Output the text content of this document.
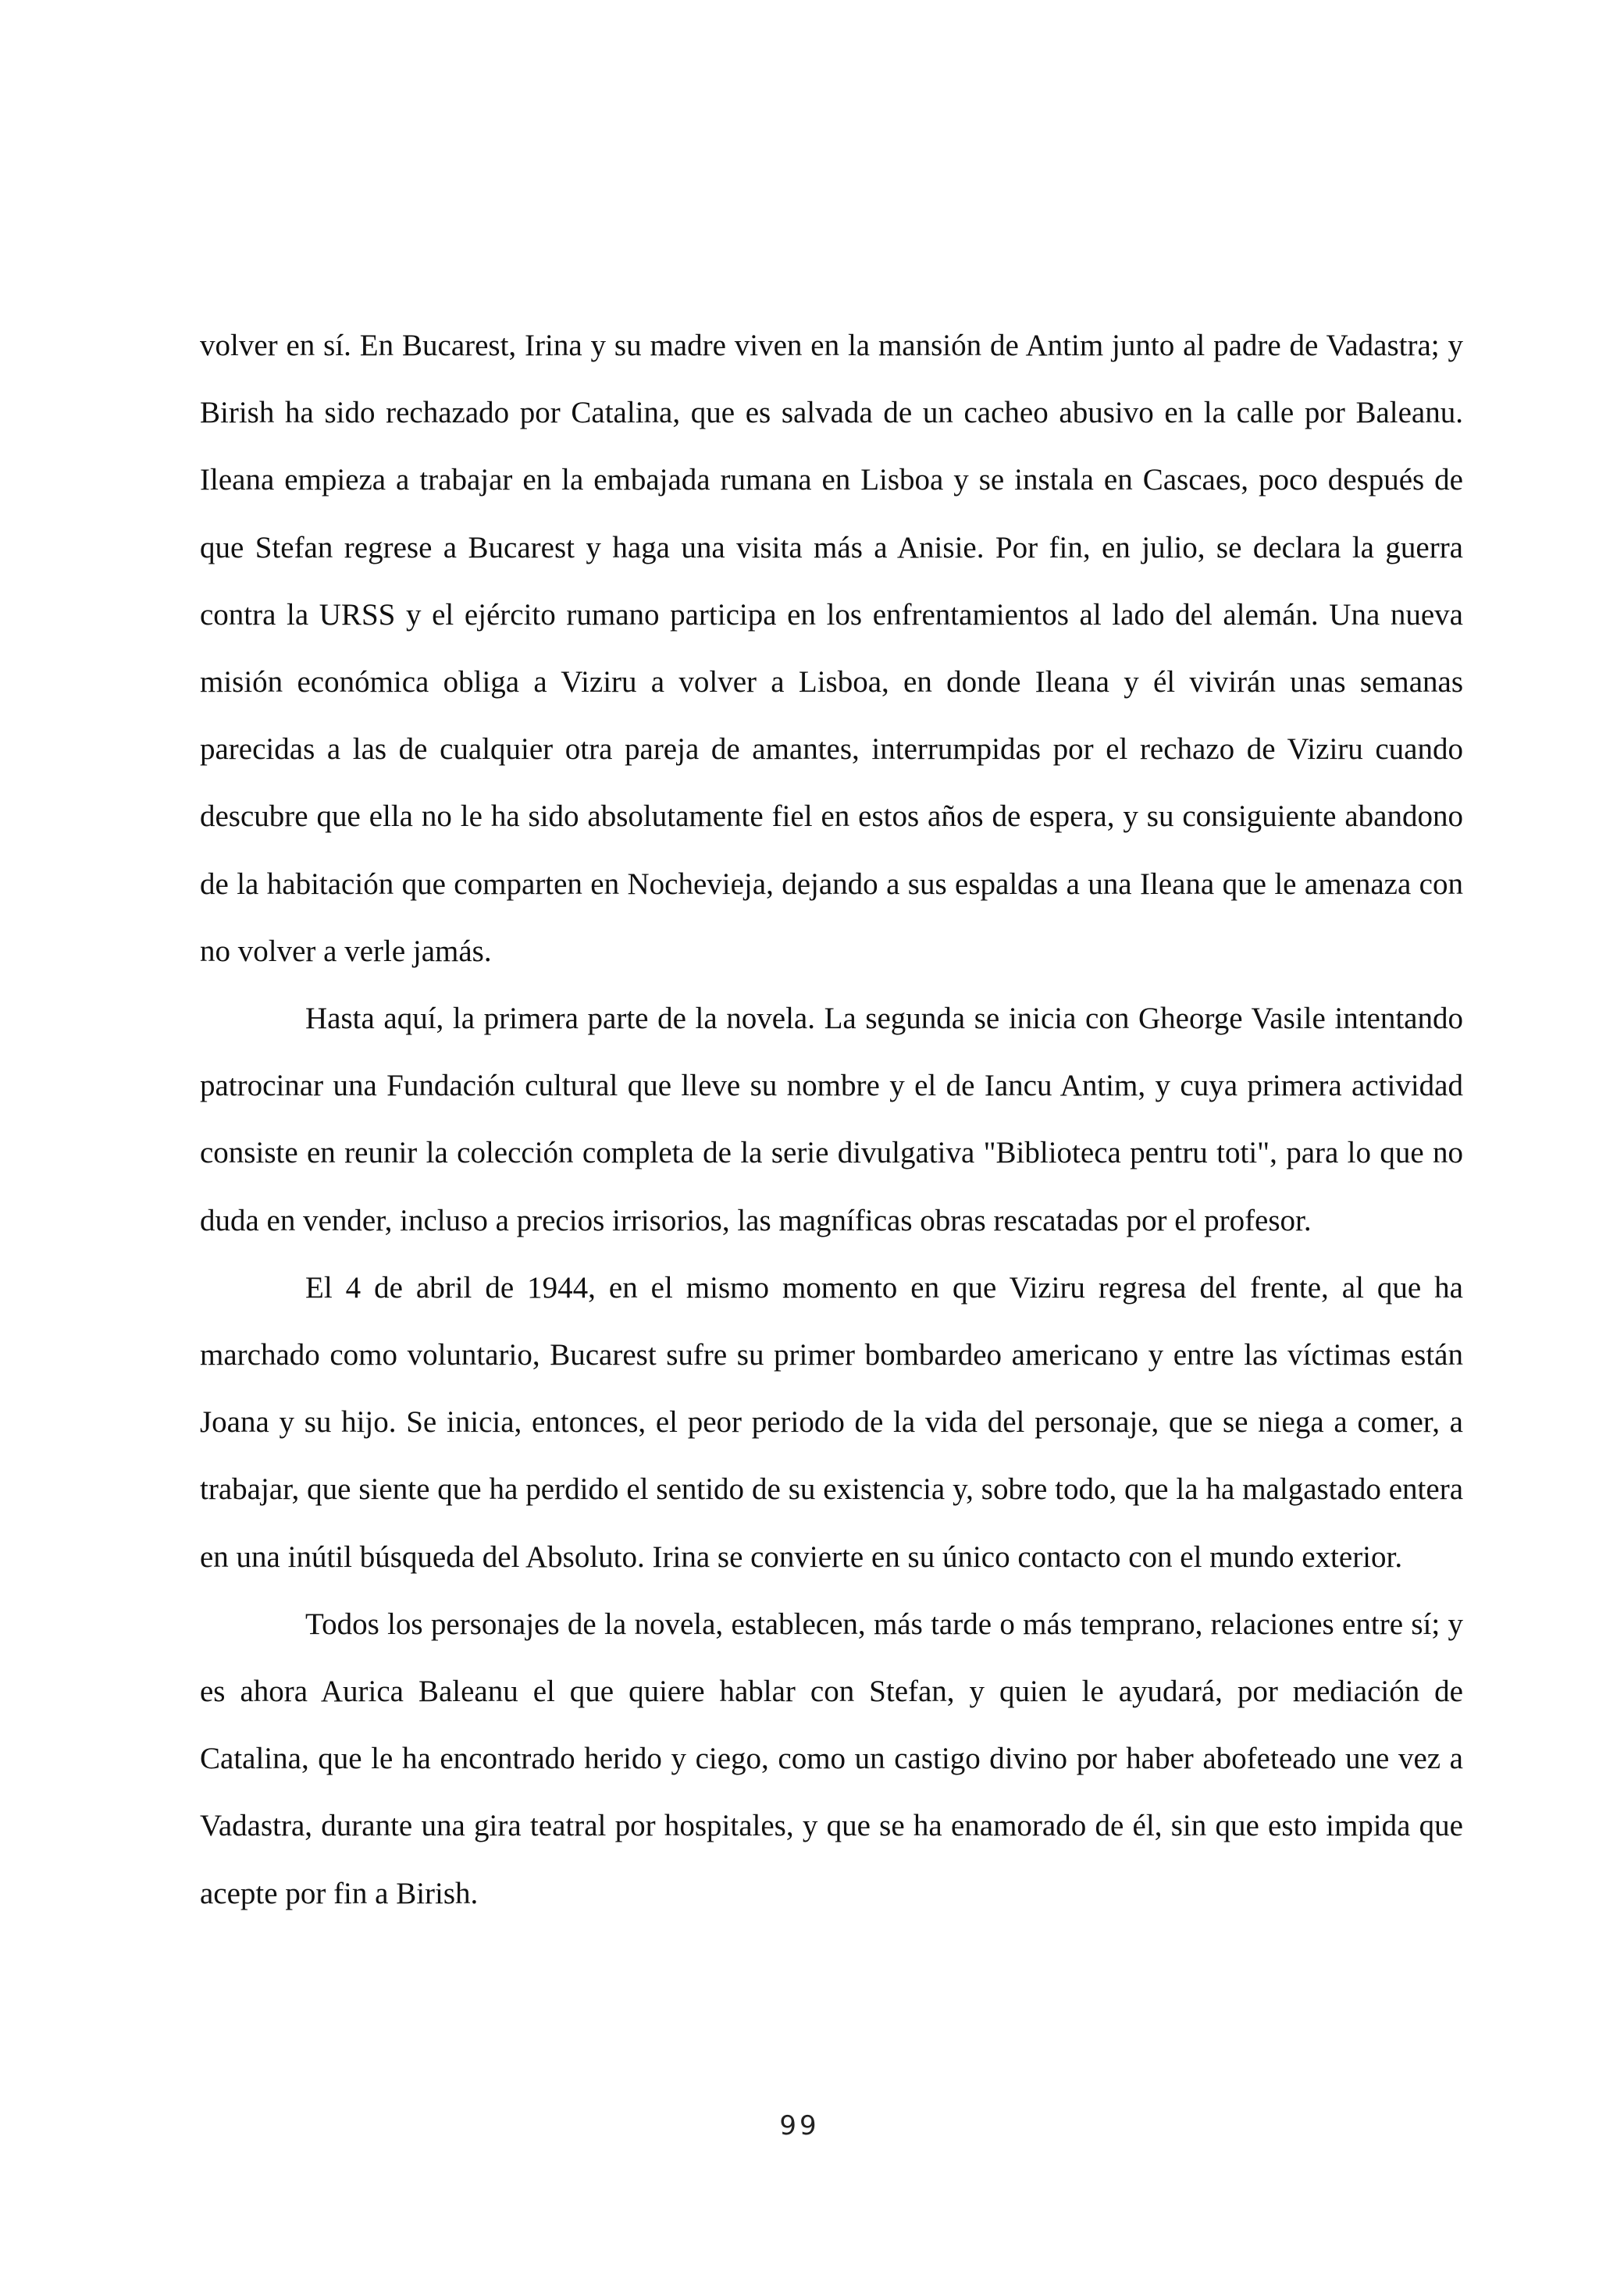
volver en sí. En Bucarest, Irina y su madre viven en la mansión de Antim junto al padre de Vadastra; y Birish ha sido rechazado por Catalina, que es salvada de un cacheo abusivo en la calle por Baleanu. Ileana empieza a trabajar en la embajada rumana en Lisboa y se instala en Cascaes, poco después de que Stefan regrese a Bucarest y haga una visita más a Anisie. Por fin, en julio, se declara la guerra contra la URSS y el ejército rumano participa en los enfrentamientos al lado del alemán. Una nueva misión económica obliga a Viziru a volver a Lisboa, en donde Ileana y él vivirán unas semanas parecidas a las de cualquier otra pareja de amantes, interrumpidas por el rechazo de Viziru cuando descubre que ella no le ha sido absolutamente fiel en estos años de espera, y su consiguiente abandono de la habitación que comparten en Nochevieja, dejando a sus espaldas a una Ileana que le amenaza con no volver a verle jamás.

Hasta aquí, la primera parte de la novela. La segunda se inicia con Gheorge Vasile intentando patrocinar una Fundación cultural que lleve su nombre y el de Iancu Antim, y cuya primera actividad consiste en reunir la colección completa de la serie divulgativa "Biblioteca pentru toti", para lo que no duda en vender, incluso a precios irrisorios, las magníficas obras rescatadas por el profesor.

El 4 de abril de 1944, en el mismo momento en que Viziru regresa del frente, al que ha marchado como voluntario, Bucarest sufre su primer bombardeo americano y entre las víctimas están Joana y su hijo. Se inicia, entonces, el peor periodo de la vida del personaje, que se niega a comer, a trabajar, que siente que ha perdido el sentido de su existencia y, sobre todo, que la ha malgastado entera en una inútil búsqueda del Absoluto. Irina se convierte en su único contacto con el mundo exterior.

Todos los personajes de la novela, establecen, más tarde o más temprano, relaciones entre sí; y es ahora Aurica Baleanu el que quiere hablar con Stefan, y quien le ayudará, por mediación de Catalina, que le ha encontrado herido y ciego, como un castigo divino por haber abofeteado une vez a Vadastra, durante una gira teatral por hospitales, y que se ha enamorado de él, sin que esto impida que acepte por fin a Birish.

99
